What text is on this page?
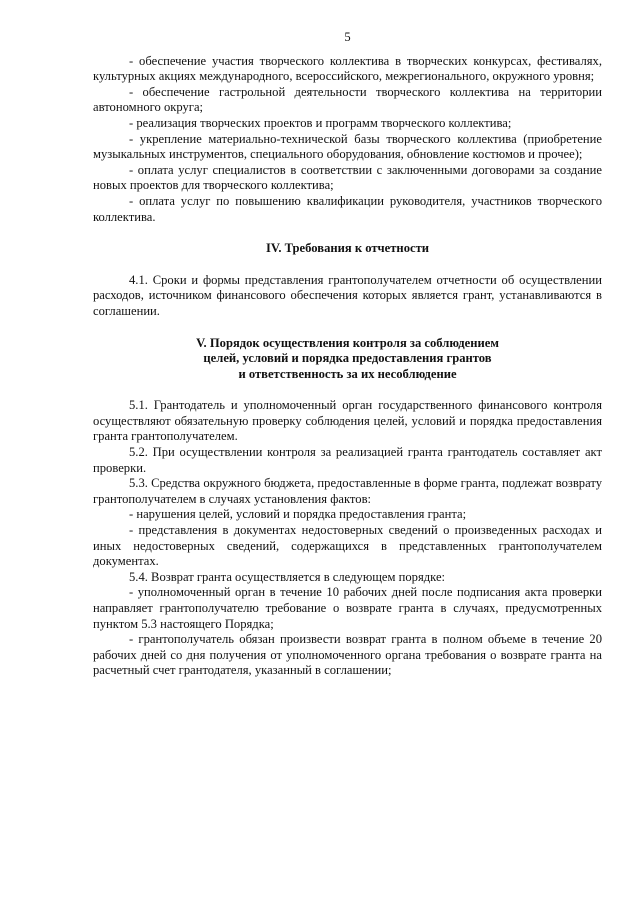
5

- обеспечение участия творческого коллектива в творческих конкурсах, фестивалях, культурных акциях международного, всероссийского, межрегионального, окружного уровня;

- обеспечение гастрольной деятельности творческого коллектива на территории автономного округа;

- реализация творческих проектов и программ творческого коллектива;

- укрепление материально-технической базы творческого коллектива (приобретение музыкальных инструментов, специального оборудования, обновление костюмов и прочее);

- оплата услуг специалистов в соответствии с заключенными договорами за создание новых проектов для творческого коллектива;

- оплата услуг по повышению квалификации руководителя, участников творческого коллектива.

IV. Требования к отчетности

4.1. Сроки и формы представления грантополучателем отчетности об осуществлении расходов, источником финансового обеспечения которых является грант, устанавливаются в соглашении.

V. Порядок осуществления контроля за соблюдением
целей, условий и порядка предоставления грантов
и ответственность за их несоблюдение

5.1. Грантодатель и уполномоченный орган государственного финансового контроля осуществляют обязательную проверку соблюдения целей, условий и порядка предоставления гранта грантополучателем.

5.2. При осуществлении контроля за реализацией гранта грантодатель составляет акт проверки.

5.3. Средства окружного бюджета, предоставленные в форме гранта, подлежат возврату грантополучателем в случаях установления фактов:

- нарушения целей, условий и порядка предоставления гранта;

- представления в документах недостоверных сведений о произведенных расходах и иных недостоверных сведений, содержащихся в представленных грантополучателем документах.

5.4. Возврат гранта осуществляется в следующем порядке:

- уполномоченный орган в течение 10 рабочих дней после подписания акта проверки направляет грантополучателю требование о возврате гранта в случаях, предусмотренных пунктом 5.3 настоящего Порядка;

- грантополучатель обязан произвести возврат гранта в полном объеме в течение 20 рабочих дней со дня получения от уполномоченного органа требования о возврате гранта на расчетный счет грантодателя, указанный в соглашении;
